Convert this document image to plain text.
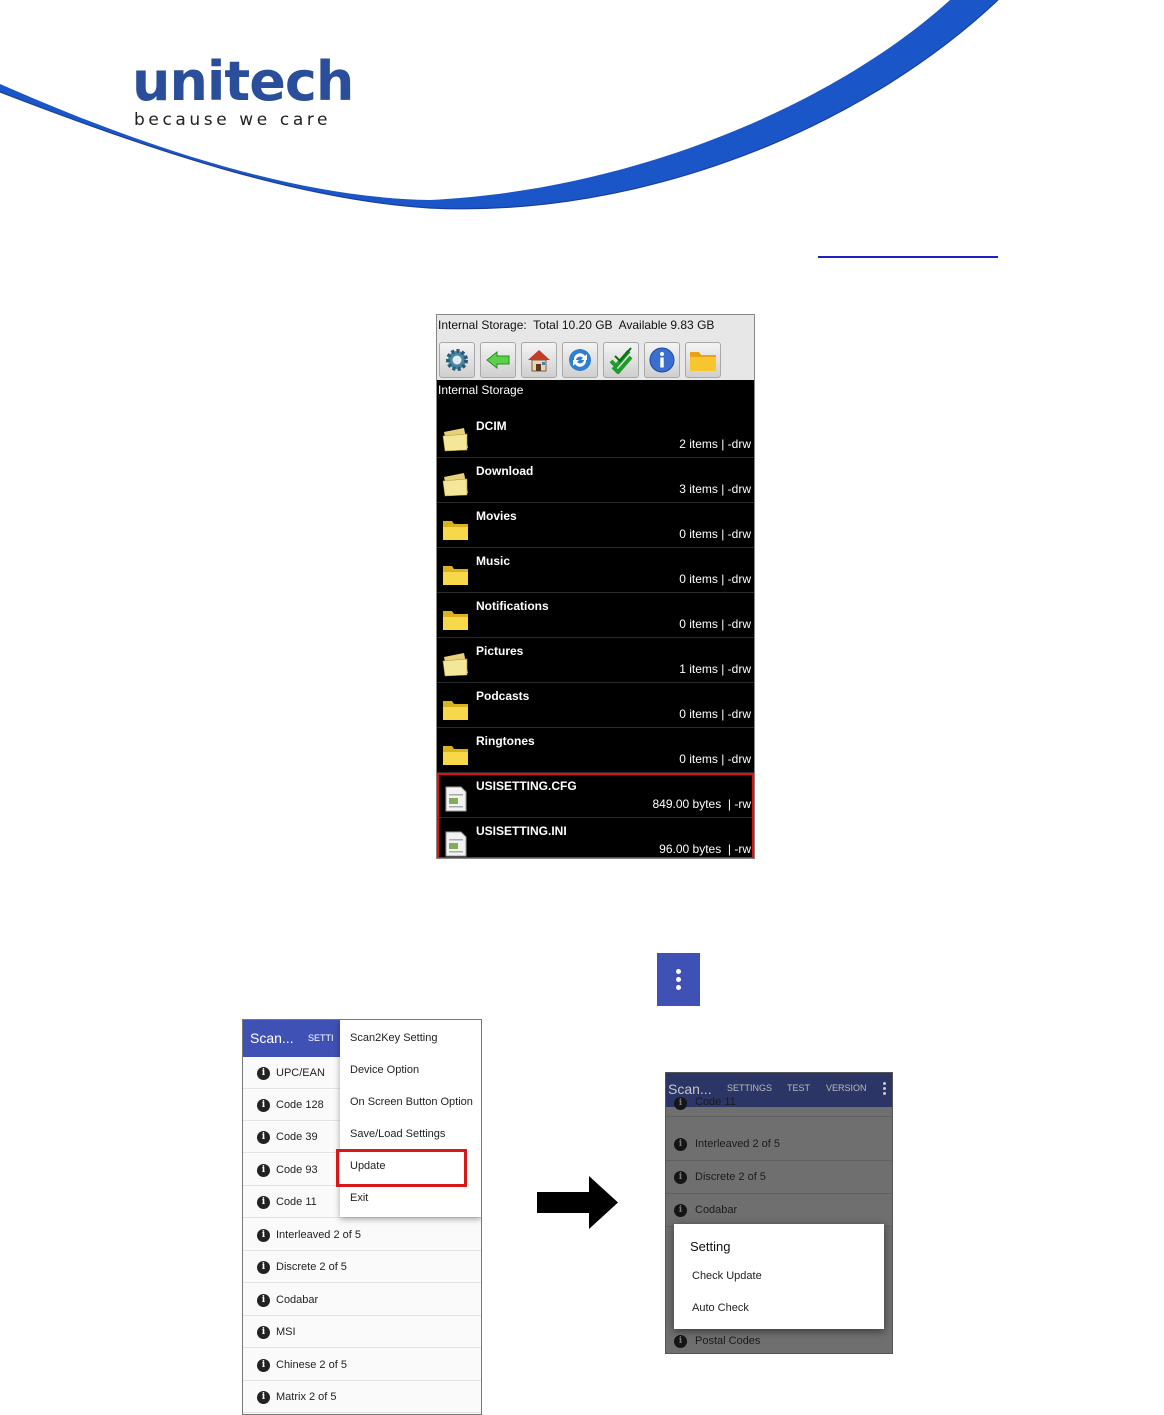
unitech
because we care
Internal Storage:  Total 10.20 GB  Available 9.83 GB
Internal Storage
DCIM
2 items | -drw
Download
3 items | -drw
Movies
0 items | -drw
Music
0 items | -drw
Notifications
0 items | -drw
Pictures
1 items | -drw
Podcasts
0 items | -drw
Ringtones
0 items | -drw
USISETTING.CFG
849.00 bytes  | -rw
USISETTING.INI
96.00 bytes  | -rw
Scan... SETTI
i UPC/EAN
i Code 128
i Code 39
i Code 93
i Code 11
i Interleaved 2 of 5
i Discrete 2 of 5
i Codabar
i MSI
i Chinese 2 of 5
i Matrix 2 of 5
Scan2Key Setting
Device Option
On Screen Button Option
Save/Load Settings
Update
Exit
Scan... SETTINGS TEST VERSION
i	Code 11
i	Interleaved 2 of 5
i	Discrete 2 of 5
i	Codabar
i	Postal Codes
Setting
Check Update
Auto Check
